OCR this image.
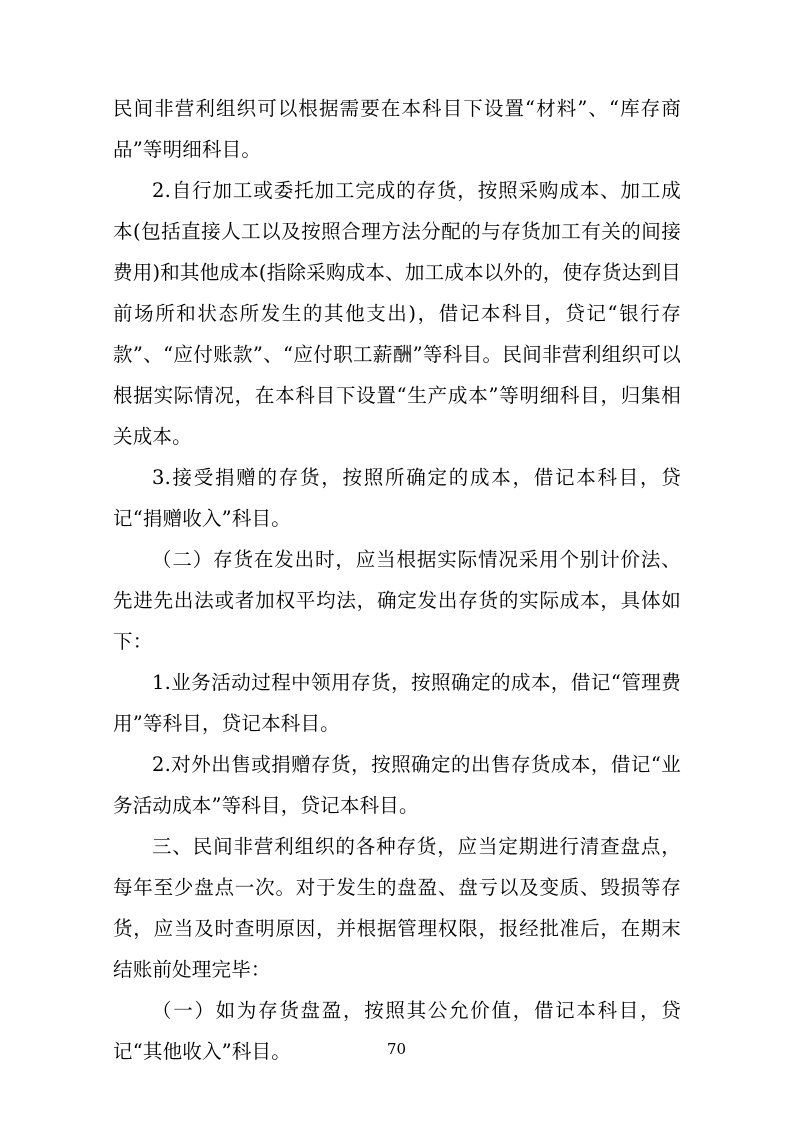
民间非营利组织可以根据需要在本科目下设置“材料”、“库存商品”等明细科目。

2.自行加工或委托加工完成的存货，按照采购成本、加工成本(包括直接人工以及按照合理方法分配的与存货加工有关的间接费用)和其他成本(指除采购成本、加工成本以外的，使存货达到目前场所和状态所发生的其他支出)，借记本科目，贷记“银行存款”、“应付账款”、“应付职工薪酬”等科目。民间非营利组织可以根据实际情况，在本科目下设置“生产成本”等明细科目，归集相关成本。

3.接受捐赠的存货，按照所确定的成本，借记本科目，贷记“捐赠收入”科目。

（二）存货在发出时，应当根据实际情况采用个别计价法、先进先出法或者加权平均法，确定发出存货的实际成本，具体如下：

1.业务活动过程中领用存货，按照确定的成本，借记“管理费用”等科目，贷记本科目。

2.对外出售或捐赠存货，按照确定的出售存货成本，借记“业务活动成本”等科目，贷记本科目。

三、民间非营利组织的各种存货，应当定期进行清查盘点，每年至少盘点一次。对于发生的盘盈、盘亏以及变质、毁损等存货，应当及时查明原因，并根据管理权限，报经批准后，在期末结账前处理完毕：

（一）如为存货盘盈，按照其公允价值，借记本科目，贷记“其他收入”科目。	70
